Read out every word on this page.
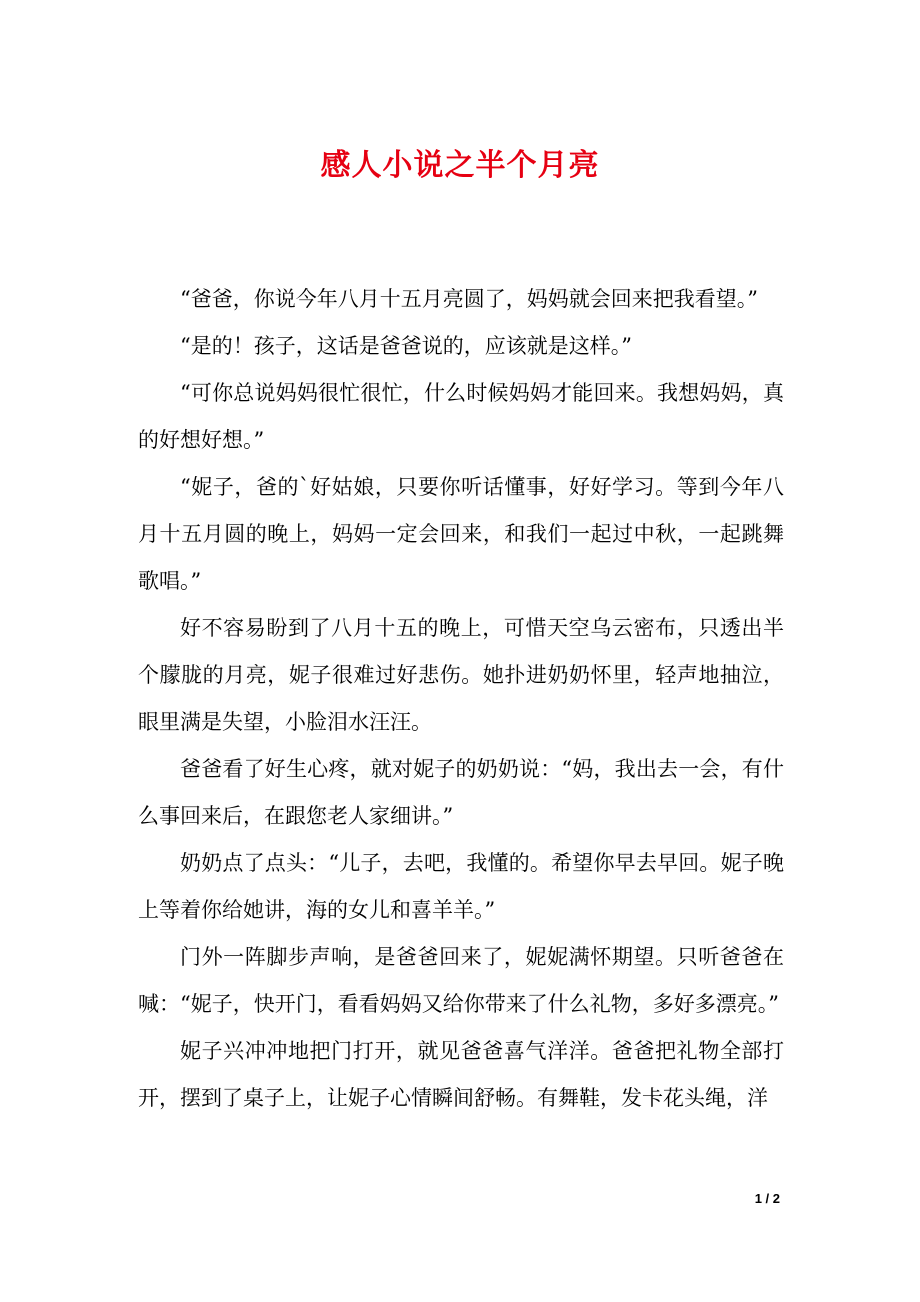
感人小说之半个月亮

“爸爸，你说今年八月十五月亮圆了，妈妈就会回来把我看望。”

“是的！孩子，这话是爸爸说的，应该就是这样。”

“可你总说妈妈很忙很忙，什么时候妈妈才能回来。我想妈妈，真的好想好想。”

“妮子，爸的`好姑娘，只要你听话懂事，好好学习。等到今年八月十五月圆的晚上，妈妈一定会回来，和我们一起过中秋，一起跳舞歌唱。”

好不容易盼到了八月十五的晚上，可惜天空乌云密布，只透出半个朦胧的月亮，妮子很难过好悲伤。她扑进奶奶怀里，轻声地抽泣，眼里满是失望，小脸泪水汪汪。

爸爸看了好生心疼，就对妮子的奶奶说：“妈，我出去一会，有什么事回来后，在跟您老人家细讲。”

奶奶点了点头：“儿子，去吧，我懂的。希望你早去早回。妮子晚上等着你给她讲，海的女儿和喜羊羊。”

门外一阵脚步声响，是爸爸回来了，妮妮满怀期望。只听爸爸在喊：“妮子，快开门，看看妈妈又给你带来了什么礼物，多好多漂亮。”

妮子兴冲冲地把门打开，就见爸爸喜气洋洋。爸爸把礼物全部打开，摆到了桌子上，让妮子心情瞬间舒畅。有舞鞋，发卡花头绳，洋

1 / 2
